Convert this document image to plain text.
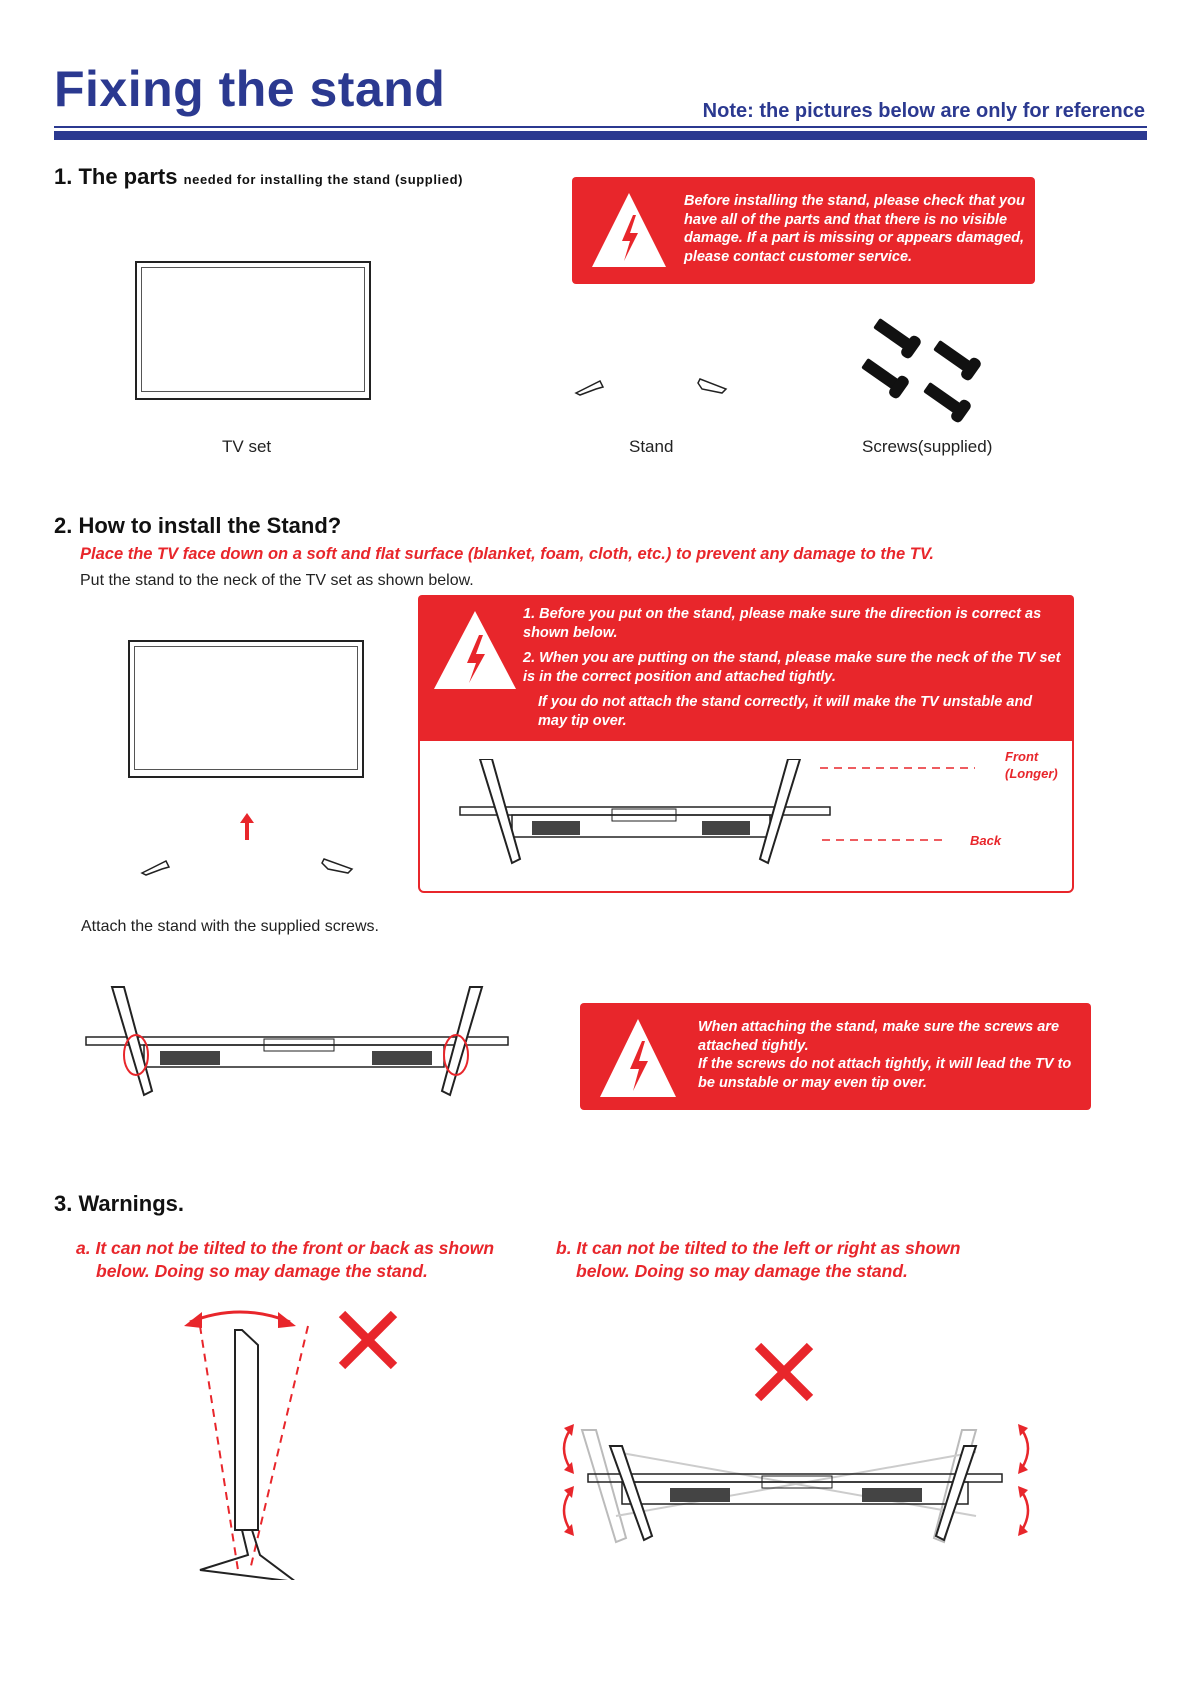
Fixing the stand	Note: the pictures below are only for reference
1. The parts needed for installing the stand (supplied)
Before installing the stand, please check that you have all of the parts and that there is no visible damage. If a part is missing or appears damaged, please contact customer service.
TV set	Stand	Screws(supplied)
2. How to install the Stand?
Place the TV face down on a soft and flat surface (blanket, foam, cloth, etc.) to prevent any damage to the TV.
Put the stand to the neck of the TV set as shown below.
1. Before you put on the stand, please make sure the direction is correct as shown below.
2. When you are putting on the stand, please make sure the neck of the TV set is in the correct position and attached tightly.
If you do not attach the stand correctly, it will make the TV unstable and may tip over.
Front
(Longer)
Back
Attach the stand with the supplied screws.
When attaching the stand, make sure the screws are attached tightly.
If the screws do not attach tightly, it will lead the TV to be unstable or may even tip over.
3. Warnings.
a. It can not be tilted to the front or back as shown below. Doing so may damage the stand.
b. It can not be tilted to the left or right as shown below. Doing so may damage the stand.
